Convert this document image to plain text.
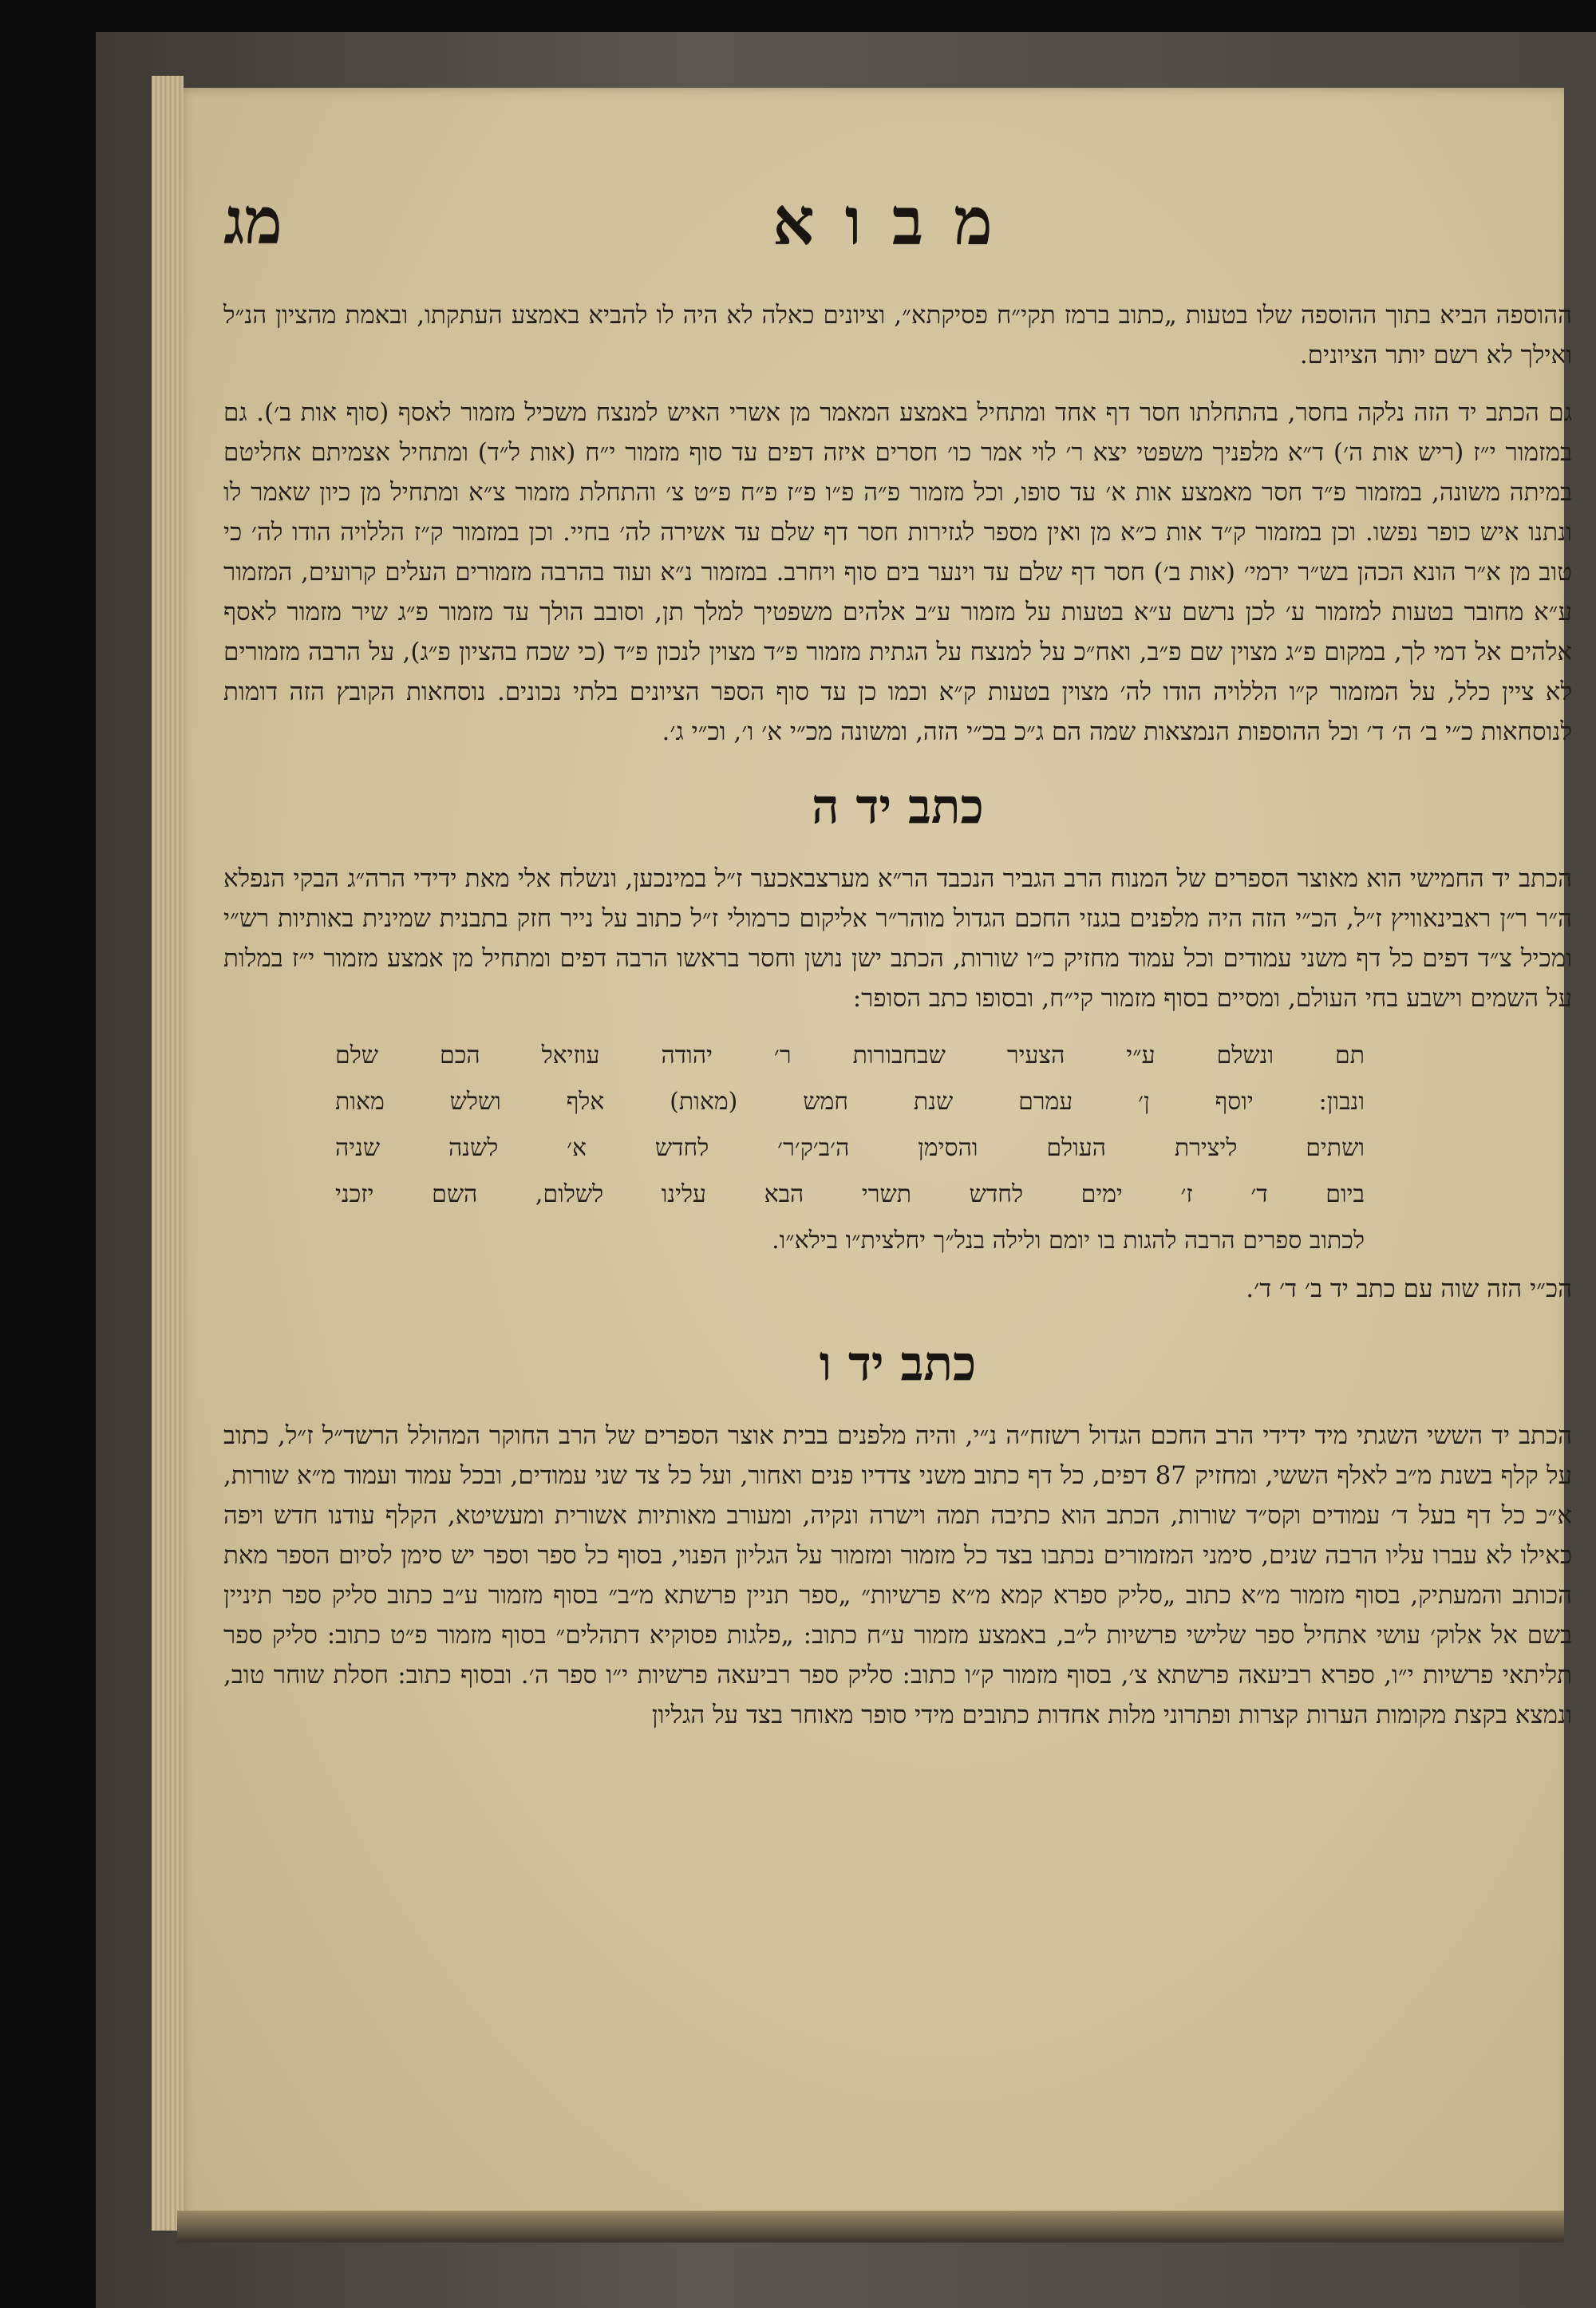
מבוא
מג

ההוספה הביא בתוך ההוספה שלו בטעות „כתוב ברמז תקי״ח פסיקתא״, וציונים כאלה לא היה לו להביא באמצע העתקתו, ובאמת מהציון הנ״ל ואילך לא רשם יותר הציונים.

גם הכתב יד הזה נלקה בחסר, בהתחלתו חסר דף אחד ומתחיל באמצע המאמר מן אשרי האיש למנצח משכיל מזמור לאסף (סוף אות ב׳). גם במזמור י״ז (ריש אות ה׳) ד״א מלפניך משפטי יצא ר׳ לוי אמר כו׳ חסרים איזה דפים עד סוף מזמור י״ח (אות ל״ד) ומתחיל אצמיתם אחליטם במיתה משונה, במזמור פ״ד חסר מאמצע אות א׳ עד סופו, וכל מזמור פ״ה פ״ו פ״ז פ״ח פ״ט צ׳ והתחלת מזמור צ״א ומתחיל מן כיון שאמר לו ונתנו איש כופר נפשו. וכן במזמור ק״ד אות כ״א מן ואין מספר לגזירות חסר דף שלם עד אשירה לה׳ בחיי. וכן במזמור ק״ז הללויה הודו לה׳ כי טוב מן א״ר הונא הכהן בש״ר ירמי׳ (אות ב׳) חסר דף שלם עד וינער בים סוף ויחרב. במזמור נ״א ועוד בהרבה מזמורים העלים קרועים, המזמור ע״א מחובר בטעות למזמור ע׳ לכן נרשם ע״א בטעות על מזמור ע״ב אלהים משפטיך למלך תן, וסובב הולך עד מזמור פ״ג שיר מזמור לאסף אלהים אל דמי לך, במקום פ״ג מצוין שם פ״ב, ואח״כ על למנצח על הגתית מזמור פ״ד מצוין לנכון פ״ד (כי שכח בהציון פ״ג), על הרבה מזמורים לא ציין כלל, על המזמור ק״ו הללויה הודו לה׳ מצוין בטעות ק״א וכמו כן עד סוף הספר הציונים בלתי נכונים. נוסחאות הקובץ הזה דומות לנוסחאות כ״י ב׳ ה׳ ד׳ וכל ההוספות הנמצאות שמה הם ג״כ בכ״י הזה, ומשונה מכ״י א׳ ו׳, וכ״י ג׳.

כתב יד ה

הכתב יד החמישי הוא מאוצר הספרים של המנוח הרב הגביר הנכבד הר״א מערצבאכער ז״ל במינכען, ונשלח אלי מאת ידידי הרה״ג הבקי הנפלא ה״ר ר״ן ראבינאוויץ ז״ל, הכ״י הזה היה מלפנים בגנזי החכם הגדול מוהר״ר אליקום כרמולי ז״ל כתוב על נייר חזק בתבנית שמינית באותיות רש״י ומכיל צ״ד דפים כל דף משני עמודים וכל עמוד מחזיק כ״ו שורות, הכתב ישן נושן וחסר בראשו הרבה דפים ומתחיל מן אמצע מזמור י״ז במלות על השמים וישבע בחי העולם, ומסיים בסוף מזמור קי״ח, ובסופו כתב הסופר:

תם ונשלם ע״י הצעיר שבחבורות ר׳ יהודה עוזיאל הכם שלם
ונבון: יוסף ן׳ עמרם שנת חמש (מאות) אלף ושלש מאות
ושתים ליצירת העולם והסימן ה׳ב׳ק׳ר׳ לחדש א׳ לשנה שניה
ביום ד׳ ז׳ ימים לחדש תשרי הבא עלינו לשלום, השם יזכני
לכתוב ספרים הרבה להגות בו יומם ולילה בנל״ך יחלצית״ו בילא״ו.

הכ״י הזה שוה עם כתב יד ב׳ ד׳ ד׳.

כתב יד ו

הכתב יד הששי השגתי מיד ידידי הרב החכם הגדול רשזח״ה נ״י, והיה מלפנים בבית אוצר הספרים של הרב החוקר המהולל הרשד״ל ז״ל, כתוב על קלף בשנת מ״ב לאלף הששי, ומחזיק 87 דפים, כל דף כתוב משני צדדיו פנים ואחור, ועל כל צד שני עמודים, ובכל עמוד ועמוד מ״א שורות, א״כ כל דף בעל ד׳ עמודים וקס״ד שורות, הכתב הוא כתיבה תמה וישרה ונקיה, ומעורב מאותיות אשורית ומעשיטא, הקלף עודנו חדש ויפה כאילו לא עברו עליו הרבה שנים, סימני המזמורים נכתבו בצד כל מזמור ומזמור על הגליון הפנוי, בסוף כל ספר וספר יש סימן לסיום הספר מאת הכותב והמעתיק, בסוף מזמור מ״א כתוב „סליק ספרא קמא מ״א פרשיות״ „ספר תניין פרשתא מ״ב״ בסוף מזמור ע״ב כתוב סליק ספר תיניין בשם אל אלוק׳ עושי אתחיל ספר שלישי פרשיות ל״ב, באמצע מזמור ע״ח כתוב: „פלגות פסוקיא דתהלים״ בסוף מזמור פ״ט כתוב: סליק ספר תליתאי פרשיות י״ו, ספרא רביעאה פרשתא צ׳, בסוף מזמור ק״ו כתוב: סליק ספר רביעאה פרשיות י״ו ספר ה׳. ובסוף כתוב: חסלת שוחר טוב, ונמצא בקצת מקומות הערות קצרות ופתרוני מלות אחדות כתובים מידי סופר מאוחר בצד על הגליון
